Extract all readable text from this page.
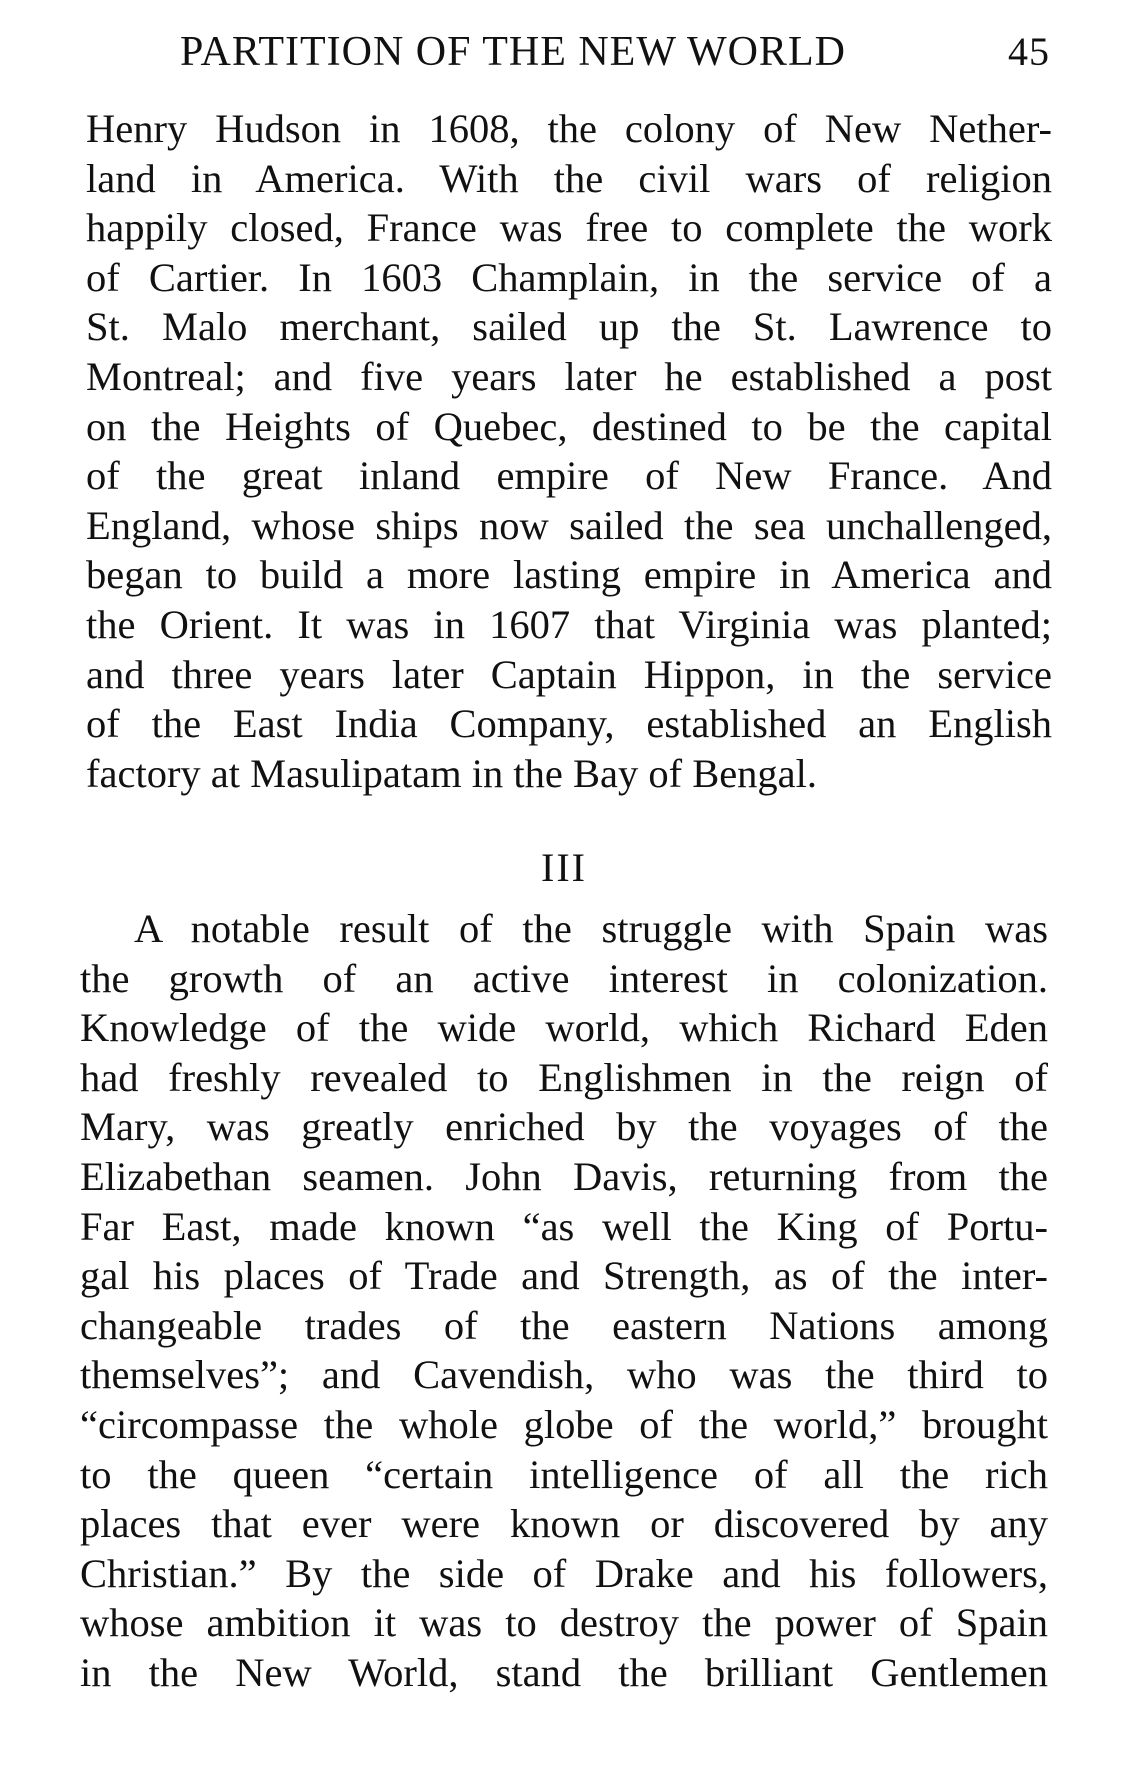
PARTITION OF THE NEW WORLD	45
Henry Hudson in 1608, the colony of New Nether-
land in America. With the civil wars of religion
happily closed, France was free to complete the work
of Cartier. In 1603 Champlain, in the service of a
St. Malo merchant, sailed up the St. Lawrence to
Montreal; and five years later he established a post
on the Heights of Quebec, destined to be the capital
of the great inland empire of New France. And
England, whose ships now sailed the sea unchallenged,
began to build a more lasting empire in America and
the Orient. It was in 1607 that Virginia was planted;
and three years later Captain Hippon, in the service
of the East India Company, established an English
factory at Masulipatam in the Bay of Bengal.
III
A notable result of the struggle with Spain was
the growth of an active interest in colonization.
Knowledge of the wide world, which Richard Eden
had freshly revealed to Englishmen in the reign of
Mary, was greatly enriched by the voyages of the
Elizabethan seamen. John Davis, returning from the
Far East, made known “as well the King of Portu-
gal his places of Trade and Strength, as of the inter-
changeable trades of the eastern Nations among
themselves”; and Cavendish, who was the third to
“circompasse the whole globe of the world,” brought
to the queen “certain intelligence of all the rich
places that ever were known or discovered by any
Christian.” By the side of Drake and his followers,
whose ambition it was to destroy the power of Spain
in the New World, stand the brilliant Gentlemen
